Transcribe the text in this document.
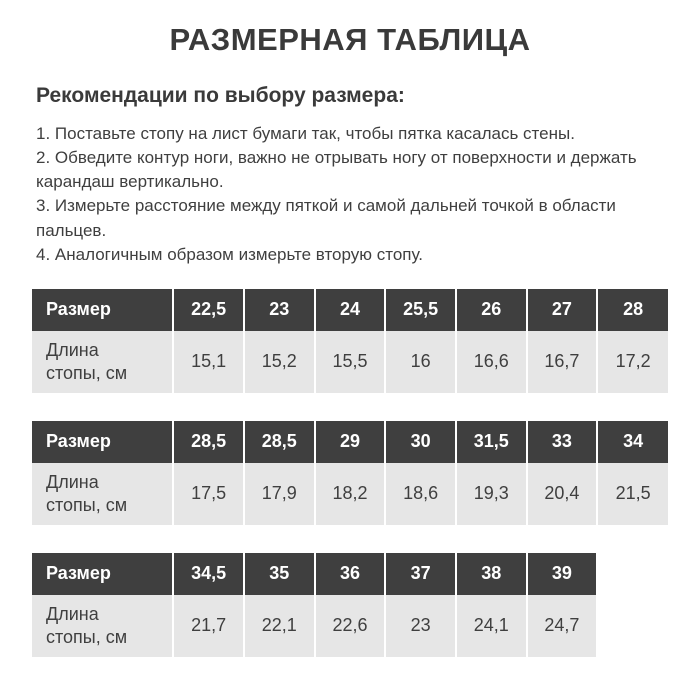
РАЗМЕРНАЯ ТАБЛИЦА
Рекомендации по выбору размера:
1. Поставьте стопу на лист бумаги так, чтобы пятка касалась стены.
2. Обведите контур ноги, важно не отрывать ногу от поверхности и держать карандаш вертикально.
3. Измерьте расстояние между пяткой и самой дальней точкой в области пальцев.
4. Аналогичным образом измерьте вторую стопу.
Размер	22,5	23	24	25,5	26	27	28
Длина
стопы, см	15,1	15,2	15,5	16	16,6	16,7	17,2
Размер	28,5	28,5	29	30	31,5	33	34
Длина
стопы, см	17,5	17,9	18,2	18,6	19,3	20,4	21,5
Размер	34,5	35	36	37	38	39	
Длина
стопы, см	21,7	22,1	22,6	23	24,1	24,7	
